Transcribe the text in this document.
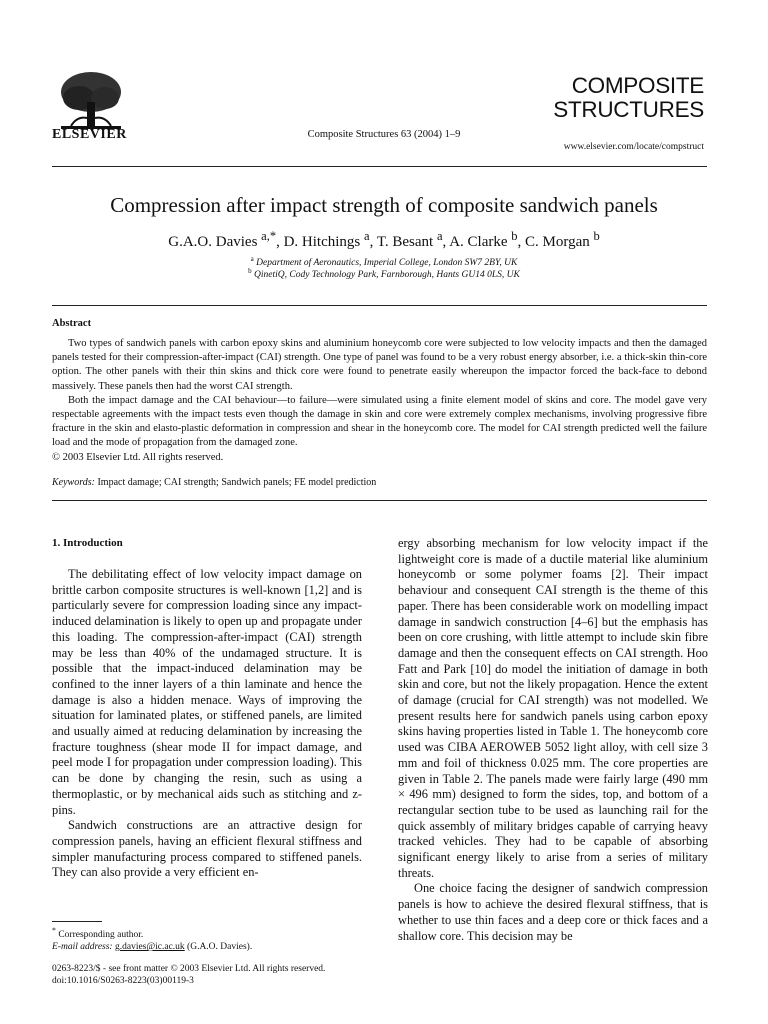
ELSEVIER	Composite Structures 63 (2004) 1–9
COMPOSITE
STRUCTURES
www.elsevier.com/locate/compstruct
Compression after impact strength of composite sandwich panels
G.A.O. Davies $^{a,*}$, D. Hitchings $^a$, T. Besant $^a$, A. Clarke $^b$, C. Morgan $^b$
$^a$ Department of Aeronautics, Imperial College, London SW7 2BY, UK
$^b$ QinetiQ, Cody Technology Park, Farnborough, Hants GU14 0LS, UK
Abstract

Two types of sandwich panels with carbon epoxy skins and aluminium honeycomb core were subjected to low velocity impacts and then the damaged panels tested for their compression-after-impact (CAI) strength. One type of panel was found to be a very robust energy absorber, i.e. a thick-skin thin-core option. The other panels with their thin skins and thick core were found to penetrate easily whereupon the impactor forced the back-face to debond massively. These panels then had the worst CAI strength.

Both the impact damage and the CAI behaviour—to failure—were simulated using a finite element model of skins and core. The model gave very respectable agreements with the impact tests even though the damage in skin and core were extremely complex mechanisms, involving progressive fibre fracture in the skin and elasto-plastic deformation in compression and shear in the honeycomb core. The model for CAI strength predicted well the failure load and the mode of propagation from the damaged zone.

© 2003 Elsevier Ltd. All rights reserved.

Keywords: Impact damage; CAI strength; Sandwich panels; FE model prediction
1. Introduction

The debilitating effect of low velocity impact damage on brittle carbon composite structures is well-known [1,2] and is particularly severe for compression loading since any impact-induced delamination is likely to open up and propagate under this loading. The compression-after-impact (CAI) strength may be less than 40% of the undamaged structure. It is possible that the impact-induced delamination may be confined to the inner layers of a thin laminate and hence the damage is also a hidden menace. Ways of improving the situation for laminated plates, or stiffened panels, are limited and usually aimed at reducing delamination by increasing the fracture toughness (shear mode II for impact damage, and peel mode I for propagation under compression loading). This can be done by changing the resin, such as using a thermoplastic, or by mechanical aids such as stitching and z-pins.

Sandwich constructions are an attractive design for compression panels, having an efficient flexural stiffness and simpler manufacturing process compared to stiffened panels. They can also provide a very efficient en-

ergy absorbing mechanism for low velocity impact if the lightweight core is made of a ductile material like aluminium honeycomb or some polymer foams [2]. Their impact behaviour and consequent CAI strength is the theme of this paper. There has been considerable work on modelling impact damage in sandwich construction [4–6] but the emphasis has been on core crushing, with little attempt to include skin fibre damage and then the consequent effects on CAI strength. Hoo Fatt and Park [10] do model the initiation of damage in both skin and core, but not the likely propagation. Hence the extent of damage (crucial for CAI strength) was not modelled. We present results here for sandwich panels using carbon epoxy skins having properties listed in Table 1. The honeycomb core used was CIBA AEROWEB 5052 light alloy, with cell size 3 mm and foil of thickness 0.025 mm. The core properties are given in Table 2. The panels made were fairly large (490 mm × 496 mm) designed to form the sides, top, and bottom of a rectangular section tube to be used as launching rail for the quick assembly of military bridges capable of carrying heavy tracked vehicles. They had to be capable of absorbing significant energy likely to arise from a series of military threats.

One choice facing the designer of sandwich compression panels is how to achieve the desired flexural stiffness, that is whether to use thin faces and a deep core or thick faces and a shallow core. This decision may be

* Corresponding author.
E-mail address: g.davies@ic.ac.uk (G.A.O. Davies).
0263-8223/$ - see front matter © 2003 Elsevier Ltd. All rights reserved.
doi:10.1016/S0263-8223(03)00119-3
